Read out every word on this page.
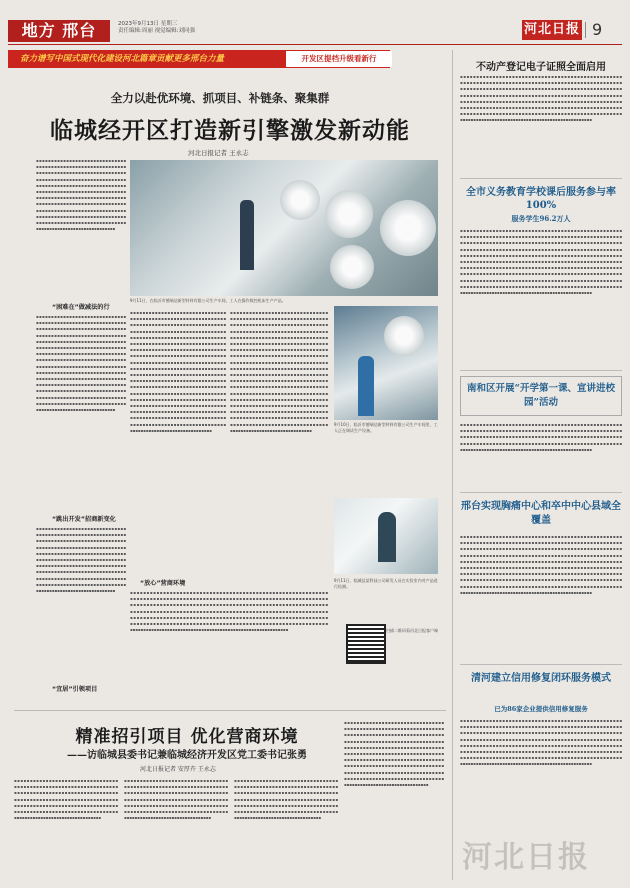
地方 邢台	2023年9月13日 星期三
责任编辑:周丽 视觉编辑:刘同强	河北日报 9
奋力谱写中国式现代化建设河北篇章贡献更多邢台力量	开发区提档升级看新行
全力以赴优环境、抓项目、补链条、聚集群
临城经开区打造新引擎激发新动能
河北日报记者 王永志
▪▪▪▪▪▪▪▪▪▪▪▪▪▪▪▪▪▪▪▪▪▪▪▪▪▪▪▪▪▪ ▪▪▪▪▪▪▪▪▪▪▪▪▪▪▪▪▪▪▪▪▪▪▪▪▪▪▪▪▪▪ ▪▪▪▪▪▪▪▪▪▪▪▪▪▪▪▪▪▪▪▪▪▪▪▪▪▪▪▪▪▪ ▪▪▪▪▪▪▪▪▪▪▪▪▪▪▪▪▪▪▪▪▪▪▪▪▪▪▪▪▪▪ ▪▪▪▪▪▪▪▪▪▪▪▪▪▪▪▪▪▪▪▪▪▪▪▪▪▪▪▪▪▪ ▪▪▪▪▪▪▪▪▪▪▪▪▪▪▪▪▪▪▪▪▪▪▪▪▪▪▪▪▪▪ ▪▪▪▪▪▪▪▪▪▪▪▪▪▪▪▪▪▪▪▪▪▪▪▪▪▪▪▪▪▪ ▪▪▪▪▪▪▪▪▪▪▪▪▪▪▪▪▪▪▪▪▪▪▪▪▪▪▪▪▪▪ ▪▪▪▪▪▪▪▪▪▪▪▪▪▪▪▪▪▪▪▪▪▪▪▪▪▪▪▪▪▪ ▪▪▪▪▪▪▪▪▪▪▪▪▪▪▪▪▪▪▪▪▪▪▪▪▪▪▪▪▪▪ ▪▪▪▪▪▪▪▪▪▪▪▪▪▪▪▪▪▪▪▪▪▪▪▪▪▪▪▪▪▪ ▪▪▪▪▪▪▪▪▪▪▪▪▪▪▪▪▪▪▪▪▪▪▪▪▪▪▪▪▪▪
“困难在”做减法的行
▪▪▪▪▪▪▪▪▪▪▪▪▪▪▪▪▪▪▪▪▪▪▪▪▪▪▪▪▪▪ ▪▪▪▪▪▪▪▪▪▪▪▪▪▪▪▪▪▪▪▪▪▪▪▪▪▪▪▪▪▪ ▪▪▪▪▪▪▪▪▪▪▪▪▪▪▪▪▪▪▪▪▪▪▪▪▪▪▪▪▪▪ ▪▪▪▪▪▪▪▪▪▪▪▪▪▪▪▪▪▪▪▪▪▪▪▪▪▪▪▪▪▪ ▪▪▪▪▪▪▪▪▪▪▪▪▪▪▪▪▪▪▪▪▪▪▪▪▪▪▪▪▪▪ ▪▪▪▪▪▪▪▪▪▪▪▪▪▪▪▪▪▪▪▪▪▪▪▪▪▪▪▪▪▪ ▪▪▪▪▪▪▪▪▪▪▪▪▪▪▪▪▪▪▪▪▪▪▪▪▪▪▪▪▪▪ ▪▪▪▪▪▪▪▪▪▪▪▪▪▪▪▪▪▪▪▪▪▪▪▪▪▪▪▪▪▪ ▪▪▪▪▪▪▪▪▪▪▪▪▪▪▪▪▪▪▪▪▪▪▪▪▪▪▪▪▪▪ ▪▪▪▪▪▪▪▪▪▪▪▪▪▪▪▪▪▪▪▪▪▪▪▪▪▪▪▪▪▪ ▪▪▪▪▪▪▪▪▪▪▪▪▪▪▪▪▪▪▪▪▪▪▪▪▪▪▪▪▪▪ ▪▪▪▪▪▪▪▪▪▪▪▪▪▪▪▪▪▪▪▪▪▪▪▪▪▪▪▪▪▪ ▪▪▪▪▪▪▪▪▪▪▪▪▪▪▪▪▪▪▪▪▪▪▪▪▪▪▪▪▪▪ ▪▪▪▪▪▪▪▪▪▪▪▪▪▪▪▪▪▪▪▪▪▪▪▪▪▪▪▪▪▪ ▪▪▪▪▪▪▪▪▪▪▪▪▪▪▪▪▪▪▪▪▪▪▪▪▪▪▪▪▪▪ ▪▪▪▪▪▪▪▪▪▪▪▪▪▪▪▪▪▪▪▪▪▪▪▪▪▪▪▪▪▪
“跳出开发”招商新变化
▪▪▪▪▪▪▪▪▪▪▪▪▪▪▪▪▪▪▪▪▪▪▪▪▪▪▪▪▪▪ ▪▪▪▪▪▪▪▪▪▪▪▪▪▪▪▪▪▪▪▪▪▪▪▪▪▪▪▪▪▪ ▪▪▪▪▪▪▪▪▪▪▪▪▪▪▪▪▪▪▪▪▪▪▪▪▪▪▪▪▪▪ ▪▪▪▪▪▪▪▪▪▪▪▪▪▪▪▪▪▪▪▪▪▪▪▪▪▪▪▪▪▪ ▪▪▪▪▪▪▪▪▪▪▪▪▪▪▪▪▪▪▪▪▪▪▪▪▪▪▪▪▪▪ ▪▪▪▪▪▪▪▪▪▪▪▪▪▪▪▪▪▪▪▪▪▪▪▪▪▪▪▪▪▪ ▪▪▪▪▪▪▪▪▪▪▪▪▪▪▪▪▪▪▪▪▪▪▪▪▪▪▪▪▪▪ ▪▪▪▪▪▪▪▪▪▪▪▪▪▪▪▪▪▪▪▪▪▪▪▪▪▪▪▪▪▪ ▪▪▪▪▪▪▪▪▪▪▪▪▪▪▪▪▪▪▪▪▪▪▪▪▪▪▪▪▪▪ ▪▪▪▪▪▪▪▪▪▪▪▪▪▪▪▪▪▪▪▪▪▪▪▪▪▪▪▪▪▪ ▪▪▪▪▪▪▪▪▪▪▪▪▪▪▪▪▪▪▪▪▪▪▪▪▪▪▪▪▪▪
“宜居”引领项目
9月11日，在临沂市德瑞达新型材料有限公司生产车间，工人在操作数控机床生产产品。
▪▪▪▪▪▪▪▪▪▪▪▪▪▪▪▪▪▪▪▪▪▪▪▪▪▪▪▪▪▪▪ ▪▪▪▪▪▪▪▪▪▪▪▪▪▪▪▪▪▪▪▪▪▪▪▪▪▪▪▪▪▪▪ ▪▪▪▪▪▪▪▪▪▪▪▪▪▪▪▪▪▪▪▪▪▪▪▪▪▪▪▪▪▪▪ ▪▪▪▪▪▪▪▪▪▪▪▪▪▪▪▪▪▪▪▪▪▪▪▪▪▪▪▪▪▪▪ ▪▪▪▪▪▪▪▪▪▪▪▪▪▪▪▪▪▪▪▪▪▪▪▪▪▪▪▪▪▪▪ ▪▪▪▪▪▪▪▪▪▪▪▪▪▪▪▪▪▪▪▪▪▪▪▪▪▪▪▪▪▪▪ ▪▪▪▪▪▪▪▪▪▪▪▪▪▪▪▪▪▪▪▪▪▪▪▪▪▪▪▪▪▪▪ ▪▪▪▪▪▪▪▪▪▪▪▪▪▪▪▪▪▪▪▪▪▪▪▪▪▪▪▪▪▪▪ ▪▪▪▪▪▪▪▪▪▪▪▪▪▪▪▪▪▪▪▪▪▪▪▪▪▪▪▪▪▪▪ ▪▪▪▪▪▪▪▪▪▪▪▪▪▪▪▪▪▪▪▪▪▪▪▪▪▪▪▪▪▪▪ ▪▪▪▪▪▪▪▪▪▪▪▪▪▪▪▪▪▪▪▪▪▪▪▪▪▪▪▪▪▪▪ ▪▪▪▪▪▪▪▪▪▪▪▪▪▪▪▪▪▪▪▪▪▪▪▪▪▪▪▪▪▪▪ ▪▪▪▪▪▪▪▪▪▪▪▪▪▪▪▪▪▪▪▪▪▪▪▪▪▪▪▪▪▪▪ ▪▪▪▪▪▪▪▪▪▪▪▪▪▪▪▪▪▪▪▪▪▪▪▪▪▪▪▪▪▪▪ ▪▪▪▪▪▪▪▪▪▪▪▪▪▪▪▪▪▪▪▪▪▪▪▪▪▪▪▪▪▪▪ ▪▪▪▪▪▪▪▪▪▪▪▪▪▪▪▪▪▪▪▪▪▪▪▪▪▪▪▪▪▪▪ ▪▪▪▪▪▪▪▪▪▪▪▪▪▪▪▪▪▪▪▪▪▪▪▪▪▪▪▪▪▪▪ ▪▪▪▪▪▪▪▪▪▪▪▪▪▪▪▪▪▪▪▪▪▪▪▪▪▪▪▪▪▪▪ ▪▪▪▪▪▪▪▪▪▪▪▪▪▪▪▪▪▪▪▪▪▪▪▪▪▪▪▪▪▪▪ ▪▪▪▪▪▪▪▪▪▪▪▪▪▪▪▪▪▪▪▪▪▪▪▪▪▪▪▪▪▪▪
▪▪▪▪▪▪▪▪▪▪▪▪▪▪▪▪▪▪▪▪▪▪▪▪▪▪▪▪▪▪▪ ▪▪▪▪▪▪▪▪▪▪▪▪▪▪▪▪▪▪▪▪▪▪▪▪▪▪▪▪▪▪▪ ▪▪▪▪▪▪▪▪▪▪▪▪▪▪▪▪▪▪▪▪▪▪▪▪▪▪▪▪▪▪▪ ▪▪▪▪▪▪▪▪▪▪▪▪▪▪▪▪▪▪▪▪▪▪▪▪▪▪▪▪▪▪▪ ▪▪▪▪▪▪▪▪▪▪▪▪▪▪▪▪▪▪▪▪▪▪▪▪▪▪▪▪▪▪▪ ▪▪▪▪▪▪▪▪▪▪▪▪▪▪▪▪▪▪▪▪▪▪▪▪▪▪▪▪▪▪▪ ▪▪▪▪▪▪▪▪▪▪▪▪▪▪▪▪▪▪▪▪▪▪▪▪▪▪▪▪▪▪▪ ▪▪▪▪▪▪▪▪▪▪▪▪▪▪▪▪▪▪▪▪▪▪▪▪▪▪▪▪▪▪▪ ▪▪▪▪▪▪▪▪▪▪▪▪▪▪▪▪▪▪▪▪▪▪▪▪▪▪▪▪▪▪▪ ▪▪▪▪▪▪▪▪▪▪▪▪▪▪▪▪▪▪▪▪▪▪▪▪▪▪▪▪▪▪▪ ▪▪▪▪▪▪▪▪▪▪▪▪▪▪▪▪▪▪▪▪▪▪▪▪▪▪▪▪▪▪▪ ▪▪▪▪▪▪▪▪▪▪▪▪▪▪▪▪▪▪▪▪▪▪▪▪▪▪▪▪▪▪▪ ▪▪▪▪▪▪▪▪▪▪▪▪▪▪▪▪▪▪▪▪▪▪▪▪▪▪▪▪▪▪▪ ▪▪▪▪▪▪▪▪▪▪▪▪▪▪▪▪▪▪▪▪▪▪▪▪▪▪▪▪▪▪▪ ▪▪▪▪▪▪▪▪▪▪▪▪▪▪▪▪▪▪▪▪▪▪▪▪▪▪▪▪▪▪▪ ▪▪▪▪▪▪▪▪▪▪▪▪▪▪▪▪▪▪▪▪▪▪▪▪▪▪▪▪▪▪▪ ▪▪▪▪▪▪▪▪▪▪▪▪▪▪▪▪▪▪▪▪▪▪▪▪▪▪▪▪▪▪▪ ▪▪▪▪▪▪▪▪▪▪▪▪▪▪▪▪▪▪▪▪▪▪▪▪▪▪▪▪▪▪▪ ▪▪▪▪▪▪▪▪▪▪▪▪▪▪▪▪▪▪▪▪▪▪▪▪▪▪▪▪▪▪▪ ▪▪▪▪▪▪▪▪▪▪▪▪▪▪▪▪▪▪▪▪▪▪▪▪▪▪▪▪▪▪▪
“放心”营商环境
▪▪▪▪▪▪▪▪▪▪▪▪▪▪▪▪▪▪▪▪▪▪▪▪▪▪▪▪▪▪▪▪▪▪▪▪▪▪▪▪▪▪▪▪▪▪▪▪▪▪▪▪▪▪▪▪▪▪▪▪ ▪▪▪▪▪▪▪▪▪▪▪▪▪▪▪▪▪▪▪▪▪▪▪▪▪▪▪▪▪▪▪▪▪▪▪▪▪▪▪▪▪▪▪▪▪▪▪▪▪▪▪▪▪▪▪▪▪▪▪▪ ▪▪▪▪▪▪▪▪▪▪▪▪▪▪▪▪▪▪▪▪▪▪▪▪▪▪▪▪▪▪▪▪▪▪▪▪▪▪▪▪▪▪▪▪▪▪▪▪▪▪▪▪▪▪▪▪▪▪▪▪ ▪▪▪▪▪▪▪▪▪▪▪▪▪▪▪▪▪▪▪▪▪▪▪▪▪▪▪▪▪▪▪▪▪▪▪▪▪▪▪▪▪▪▪▪▪▪▪▪▪▪▪▪▪▪▪▪▪▪▪▪ ▪▪▪▪▪▪▪▪▪▪▪▪▪▪▪▪▪▪▪▪▪▪▪▪▪▪▪▪▪▪▪▪▪▪▪▪▪▪▪▪▪▪▪▪▪▪▪▪▪▪▪▪▪▪▪▪▪▪▪▪ ▪▪▪▪▪▪▪▪▪▪▪▪▪▪▪▪▪▪▪▪▪▪▪▪▪▪▪▪▪▪▪▪▪▪▪▪▪▪▪▪▪▪▪▪▪▪▪▪▪▪▪▪▪▪▪▪▪▪▪▪ ▪▪▪▪▪▪▪▪▪▪▪▪▪▪▪▪▪▪▪▪▪▪▪▪▪▪▪▪▪▪▪▪▪▪▪▪▪▪▪▪▪▪▪▪▪▪▪▪▪▪▪▪▪▪▪▪▪▪▪▪
9月10日，临沂市德瑞达新型材料有限公司生产车间里，工人正在调试生产设备。
9月11日，临城县某科技公司研发人员在实验室内对产品进行检测。
扫描二维码看河北日报客户端
精准招引项目 优化营商环境
——访临城县委书记兼临城经济开发区党工委书记张勇
河北日报记者 安厚卉 王永志
▪▪▪▪▪▪▪▪▪▪▪▪▪▪▪▪▪▪▪▪▪▪▪▪▪▪▪▪▪▪▪▪▪ ▪▪▪▪▪▪▪▪▪▪▪▪▪▪▪▪▪▪▪▪▪▪▪▪▪▪▪▪▪▪▪▪▪ ▪▪▪▪▪▪▪▪▪▪▪▪▪▪▪▪▪▪▪▪▪▪▪▪▪▪▪▪▪▪▪▪▪ ▪▪▪▪▪▪▪▪▪▪▪▪▪▪▪▪▪▪▪▪▪▪▪▪▪▪▪▪▪▪▪▪▪ ▪▪▪▪▪▪▪▪▪▪▪▪▪▪▪▪▪▪▪▪▪▪▪▪▪▪▪▪▪▪▪▪▪ ▪▪▪▪▪▪▪▪▪▪▪▪▪▪▪▪▪▪▪▪▪▪▪▪▪▪▪▪▪▪▪▪▪ ▪▪▪▪▪▪▪▪▪▪▪▪▪▪▪▪▪▪▪▪▪▪▪▪▪▪▪▪▪▪▪▪▪
▪▪▪▪▪▪▪▪▪▪▪▪▪▪▪▪▪▪▪▪▪▪▪▪▪▪▪▪▪▪▪▪▪ ▪▪▪▪▪▪▪▪▪▪▪▪▪▪▪▪▪▪▪▪▪▪▪▪▪▪▪▪▪▪▪▪▪ ▪▪▪▪▪▪▪▪▪▪▪▪▪▪▪▪▪▪▪▪▪▪▪▪▪▪▪▪▪▪▪▪▪ ▪▪▪▪▪▪▪▪▪▪▪▪▪▪▪▪▪▪▪▪▪▪▪▪▪▪▪▪▪▪▪▪▪ ▪▪▪▪▪▪▪▪▪▪▪▪▪▪▪▪▪▪▪▪▪▪▪▪▪▪▪▪▪▪▪▪▪ ▪▪▪▪▪▪▪▪▪▪▪▪▪▪▪▪▪▪▪▪▪▪▪▪▪▪▪▪▪▪▪▪▪ ▪▪▪▪▪▪▪▪▪▪▪▪▪▪▪▪▪▪▪▪▪▪▪▪▪▪▪▪▪▪▪▪▪
▪▪▪▪▪▪▪▪▪▪▪▪▪▪▪▪▪▪▪▪▪▪▪▪▪▪▪▪▪▪▪▪▪ ▪▪▪▪▪▪▪▪▪▪▪▪▪▪▪▪▪▪▪▪▪▪▪▪▪▪▪▪▪▪▪▪▪ ▪▪▪▪▪▪▪▪▪▪▪▪▪▪▪▪▪▪▪▪▪▪▪▪▪▪▪▪▪▪▪▪▪ ▪▪▪▪▪▪▪▪▪▪▪▪▪▪▪▪▪▪▪▪▪▪▪▪▪▪▪▪▪▪▪▪▪ ▪▪▪▪▪▪▪▪▪▪▪▪▪▪▪▪▪▪▪▪▪▪▪▪▪▪▪▪▪▪▪▪▪ ▪▪▪▪▪▪▪▪▪▪▪▪▪▪▪▪▪▪▪▪▪▪▪▪▪▪▪▪▪▪▪▪▪ ▪▪▪▪▪▪▪▪▪▪▪▪▪▪▪▪▪▪▪▪▪▪▪▪▪▪▪▪▪▪▪▪▪
▪▪▪▪▪▪▪▪▪▪▪▪▪▪▪▪▪▪▪▪▪▪▪▪▪▪▪▪▪▪▪▪ ▪▪▪▪▪▪▪▪▪▪▪▪▪▪▪▪▪▪▪▪▪▪▪▪▪▪▪▪▪▪▪▪ ▪▪▪▪▪▪▪▪▪▪▪▪▪▪▪▪▪▪▪▪▪▪▪▪▪▪▪▪▪▪▪▪ ▪▪▪▪▪▪▪▪▪▪▪▪▪▪▪▪▪▪▪▪▪▪▪▪▪▪▪▪▪▪▪▪ ▪▪▪▪▪▪▪▪▪▪▪▪▪▪▪▪▪▪▪▪▪▪▪▪▪▪▪▪▪▪▪▪ ▪▪▪▪▪▪▪▪▪▪▪▪▪▪▪▪▪▪▪▪▪▪▪▪▪▪▪▪▪▪▪▪ ▪▪▪▪▪▪▪▪▪▪▪▪▪▪▪▪▪▪▪▪▪▪▪▪▪▪▪▪▪▪▪▪ ▪▪▪▪▪▪▪▪▪▪▪▪▪▪▪▪▪▪▪▪▪▪▪▪▪▪▪▪▪▪▪▪ ▪▪▪▪▪▪▪▪▪▪▪▪▪▪▪▪▪▪▪▪▪▪▪▪▪▪▪▪▪▪▪▪ ▪▪▪▪▪▪▪▪▪▪▪▪▪▪▪▪▪▪▪▪▪▪▪▪▪▪▪▪▪▪▪▪ ▪▪▪▪▪▪▪▪▪▪▪▪▪▪▪▪▪▪▪▪▪▪▪▪▪▪▪▪▪▪▪▪
不动产登记电子证照全面启用
▪▪▪▪▪▪▪▪▪▪▪▪▪▪▪▪▪▪▪▪▪▪▪▪▪▪▪▪▪▪▪▪▪▪▪▪▪▪▪▪▪▪▪▪▪▪▪▪▪▪ ▪▪▪▪▪▪▪▪▪▪▪▪▪▪▪▪▪▪▪▪▪▪▪▪▪▪▪▪▪▪▪▪▪▪▪▪▪▪▪▪▪▪▪▪▪▪▪▪▪▪ ▪▪▪▪▪▪▪▪▪▪▪▪▪▪▪▪▪▪▪▪▪▪▪▪▪▪▪▪▪▪▪▪▪▪▪▪▪▪▪▪▪▪▪▪▪▪▪▪▪▪ ▪▪▪▪▪▪▪▪▪▪▪▪▪▪▪▪▪▪▪▪▪▪▪▪▪▪▪▪▪▪▪▪▪▪▪▪▪▪▪▪▪▪▪▪▪▪▪▪▪▪ ▪▪▪▪▪▪▪▪▪▪▪▪▪▪▪▪▪▪▪▪▪▪▪▪▪▪▪▪▪▪▪▪▪▪▪▪▪▪▪▪▪▪▪▪▪▪▪▪▪▪ ▪▪▪▪▪▪▪▪▪▪▪▪▪▪▪▪▪▪▪▪▪▪▪▪▪▪▪▪▪▪▪▪▪▪▪▪▪▪▪▪▪▪▪▪▪▪▪▪▪▪ ▪▪▪▪▪▪▪▪▪▪▪▪▪▪▪▪▪▪▪▪▪▪▪▪▪▪▪▪▪▪▪▪▪▪▪▪▪▪▪▪▪▪▪▪▪▪▪▪▪▪ ▪▪▪▪▪▪▪▪▪▪▪▪▪▪▪▪▪▪▪▪▪▪▪▪▪▪▪▪▪▪▪▪▪▪▪▪▪▪▪▪▪▪▪▪▪▪▪▪▪▪
全市义务教育学校课后服务参与率100%
服务学生96.2万人
▪▪▪▪▪▪▪▪▪▪▪▪▪▪▪▪▪▪▪▪▪▪▪▪▪▪▪▪▪▪▪▪▪▪▪▪▪▪▪▪▪▪▪▪▪▪▪▪▪▪ ▪▪▪▪▪▪▪▪▪▪▪▪▪▪▪▪▪▪▪▪▪▪▪▪▪▪▪▪▪▪▪▪▪▪▪▪▪▪▪▪▪▪▪▪▪▪▪▪▪▪ ▪▪▪▪▪▪▪▪▪▪▪▪▪▪▪▪▪▪▪▪▪▪▪▪▪▪▪▪▪▪▪▪▪▪▪▪▪▪▪▪▪▪▪▪▪▪▪▪▪▪ ▪▪▪▪▪▪▪▪▪▪▪▪▪▪▪▪▪▪▪▪▪▪▪▪▪▪▪▪▪▪▪▪▪▪▪▪▪▪▪▪▪▪▪▪▪▪▪▪▪▪ ▪▪▪▪▪▪▪▪▪▪▪▪▪▪▪▪▪▪▪▪▪▪▪▪▪▪▪▪▪▪▪▪▪▪▪▪▪▪▪▪▪▪▪▪▪▪▪▪▪▪ ▪▪▪▪▪▪▪▪▪▪▪▪▪▪▪▪▪▪▪▪▪▪▪▪▪▪▪▪▪▪▪▪▪▪▪▪▪▪▪▪▪▪▪▪▪▪▪▪▪▪ ▪▪▪▪▪▪▪▪▪▪▪▪▪▪▪▪▪▪▪▪▪▪▪▪▪▪▪▪▪▪▪▪▪▪▪▪▪▪▪▪▪▪▪▪▪▪▪▪▪▪ ▪▪▪▪▪▪▪▪▪▪▪▪▪▪▪▪▪▪▪▪▪▪▪▪▪▪▪▪▪▪▪▪▪▪▪▪▪▪▪▪▪▪▪▪▪▪▪▪▪▪ ▪▪▪▪▪▪▪▪▪▪▪▪▪▪▪▪▪▪▪▪▪▪▪▪▪▪▪▪▪▪▪▪▪▪▪▪▪▪▪▪▪▪▪▪▪▪▪▪▪▪ ▪▪▪▪▪▪▪▪▪▪▪▪▪▪▪▪▪▪▪▪▪▪▪▪▪▪▪▪▪▪▪▪▪▪▪▪▪▪▪▪▪▪▪▪▪▪▪▪▪▪ ▪▪▪▪▪▪▪▪▪▪▪▪▪▪▪▪▪▪▪▪▪▪▪▪▪▪▪▪▪▪▪▪▪▪▪▪▪▪▪▪▪▪▪▪▪▪▪▪▪▪
南和区开展“开学第一课、宣讲进校园”活动
▪▪▪▪▪▪▪▪▪▪▪▪▪▪▪▪▪▪▪▪▪▪▪▪▪▪▪▪▪▪▪▪▪▪▪▪▪▪▪▪▪▪▪▪▪▪▪▪▪▪ ▪▪▪▪▪▪▪▪▪▪▪▪▪▪▪▪▪▪▪▪▪▪▪▪▪▪▪▪▪▪▪▪▪▪▪▪▪▪▪▪▪▪▪▪▪▪▪▪▪▪ ▪▪▪▪▪▪▪▪▪▪▪▪▪▪▪▪▪▪▪▪▪▪▪▪▪▪▪▪▪▪▪▪▪▪▪▪▪▪▪▪▪▪▪▪▪▪▪▪▪▪ ▪▪▪▪▪▪▪▪▪▪▪▪▪▪▪▪▪▪▪▪▪▪▪▪▪▪▪▪▪▪▪▪▪▪▪▪▪▪▪▪▪▪▪▪▪▪▪▪▪▪ ▪▪▪▪▪▪▪▪▪▪▪▪▪▪▪▪▪▪▪▪▪▪▪▪▪▪▪▪▪▪▪▪▪▪▪▪▪▪▪▪▪▪▪▪▪▪▪▪▪▪
邢台实现胸痛中心和卒中中心县域全覆盖
▪▪▪▪▪▪▪▪▪▪▪▪▪▪▪▪▪▪▪▪▪▪▪▪▪▪▪▪▪▪▪▪▪▪▪▪▪▪▪▪▪▪▪▪▪▪▪▪▪▪ ▪▪▪▪▪▪▪▪▪▪▪▪▪▪▪▪▪▪▪▪▪▪▪▪▪▪▪▪▪▪▪▪▪▪▪▪▪▪▪▪▪▪▪▪▪▪▪▪▪▪ ▪▪▪▪▪▪▪▪▪▪▪▪▪▪▪▪▪▪▪▪▪▪▪▪▪▪▪▪▪▪▪▪▪▪▪▪▪▪▪▪▪▪▪▪▪▪▪▪▪▪ ▪▪▪▪▪▪▪▪▪▪▪▪▪▪▪▪▪▪▪▪▪▪▪▪▪▪▪▪▪▪▪▪▪▪▪▪▪▪▪▪▪▪▪▪▪▪▪▪▪▪ ▪▪▪▪▪▪▪▪▪▪▪▪▪▪▪▪▪▪▪▪▪▪▪▪▪▪▪▪▪▪▪▪▪▪▪▪▪▪▪▪▪▪▪▪▪▪▪▪▪▪ ▪▪▪▪▪▪▪▪▪▪▪▪▪▪▪▪▪▪▪▪▪▪▪▪▪▪▪▪▪▪▪▪▪▪▪▪▪▪▪▪▪▪▪▪▪▪▪▪▪▪ ▪▪▪▪▪▪▪▪▪▪▪▪▪▪▪▪▪▪▪▪▪▪▪▪▪▪▪▪▪▪▪▪▪▪▪▪▪▪▪▪▪▪▪▪▪▪▪▪▪▪ ▪▪▪▪▪▪▪▪▪▪▪▪▪▪▪▪▪▪▪▪▪▪▪▪▪▪▪▪▪▪▪▪▪▪▪▪▪▪▪▪▪▪▪▪▪▪▪▪▪▪ ▪▪▪▪▪▪▪▪▪▪▪▪▪▪▪▪▪▪▪▪▪▪▪▪▪▪▪▪▪▪▪▪▪▪▪▪▪▪▪▪▪▪▪▪▪▪▪▪▪▪ ▪▪▪▪▪▪▪▪▪▪▪▪▪▪▪▪▪▪▪▪▪▪▪▪▪▪▪▪▪▪▪▪▪▪▪▪▪▪▪▪▪▪▪▪▪▪▪▪▪▪
清河建立信用修复闭环服务模式
已为86家企业提供信用修复服务
▪▪▪▪▪▪▪▪▪▪▪▪▪▪▪▪▪▪▪▪▪▪▪▪▪▪▪▪▪▪▪▪▪▪▪▪▪▪▪▪▪▪▪▪▪▪▪▪▪▪ ▪▪▪▪▪▪▪▪▪▪▪▪▪▪▪▪▪▪▪▪▪▪▪▪▪▪▪▪▪▪▪▪▪▪▪▪▪▪▪▪▪▪▪▪▪▪▪▪▪▪ ▪▪▪▪▪▪▪▪▪▪▪▪▪▪▪▪▪▪▪▪▪▪▪▪▪▪▪▪▪▪▪▪▪▪▪▪▪▪▪▪▪▪▪▪▪▪▪▪▪▪ ▪▪▪▪▪▪▪▪▪▪▪▪▪▪▪▪▪▪▪▪▪▪▪▪▪▪▪▪▪▪▪▪▪▪▪▪▪▪▪▪▪▪▪▪▪▪▪▪▪▪ ▪▪▪▪▪▪▪▪▪▪▪▪▪▪▪▪▪▪▪▪▪▪▪▪▪▪▪▪▪▪▪▪▪▪▪▪▪▪▪▪▪▪▪▪▪▪▪▪▪▪ ▪▪▪▪▪▪▪▪▪▪▪▪▪▪▪▪▪▪▪▪▪▪▪▪▪▪▪▪▪▪▪▪▪▪▪▪▪▪▪▪▪▪▪▪▪▪▪▪▪▪ ▪▪▪▪▪▪▪▪▪▪▪▪▪▪▪▪▪▪▪▪▪▪▪▪▪▪▪▪▪▪▪▪▪▪▪▪▪▪▪▪▪▪▪▪▪▪▪▪▪▪ ▪▪▪▪▪▪▪▪▪▪▪▪▪▪▪▪▪▪▪▪▪▪▪▪▪▪▪▪▪▪▪▪▪▪▪▪▪▪▪▪▪▪▪▪▪▪▪▪▪▪
河北日报
